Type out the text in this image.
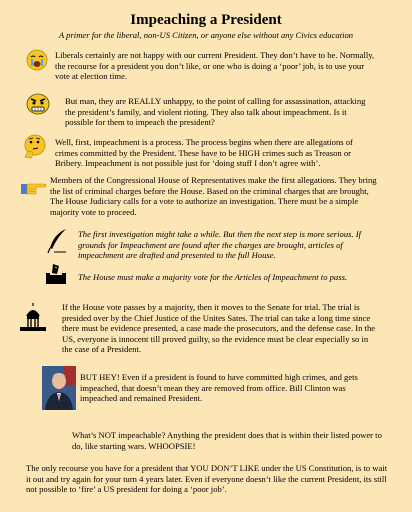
Impeaching a President
A primer for the liberal, non-US Citizen, or anyone else without any Civics education
Liberals certainly are not happy with our current President. They don’t have to be. Normally, the recourse for a president you don’t like, or one who is doing a ‘poor’ job, is to use your vote at election time.
But man, they are REALLY unhappy, to the point of calling for assassination, attacking the president’s family, and violent rioting. They also talk about impeachment. Is it possible for them to impeach the president?
Well, first, impeachment is a process. The process begins when there are allegations of crimes committed by the President. These have to be HIGH crimes such as Treason or Bribery. Impeachment is not possible just for ‘doing stuff I don’t agree with’.
Members of the Congressional House of Representatives make the first allegations. They bring the list of criminal charges before the House. Based on the criminal charges that are brought, The House Judiciary calls for a vote to authorize an investigation. There must be a simple majority vote to proceed.
The first investigation might take a while. But then the next step is more serious. If grounds for Impeachment are found after the charges are brought, articles of impeachment are drafted and presented to the full House.
The House must make a majority vote for the Articles of Impeachment to pass.
If the House vote passes by a majority, then it moves to the Senate for trial. The trial is presided over by the Chief Justice of the Unites Sates. The trial can take a long time since there must be evidence presented, a case made the prosecutors, and the defense case. In the US, everyone is innocent till proved guilty, so the evidence must be clear especially so in the case of a President.
BUT HEY! Even if a president is found to have committed high crimes, and gets impeached, that doesn’t mean they are removed from office. Bill Clinton was impeached and remained President.
What’s NOT impeachable? Anything the president does that is within their listed power to do, like starting wars. WHOOPSIE!
The only recourse you have for a president that YOU DON’T LIKE under the US Constitution, is to wait it out and try again for your turn 4 years later. Even if everyone doesn’t like the current President, its still not possible to ‘fire’ a US president for doing a ‘poor job’.
